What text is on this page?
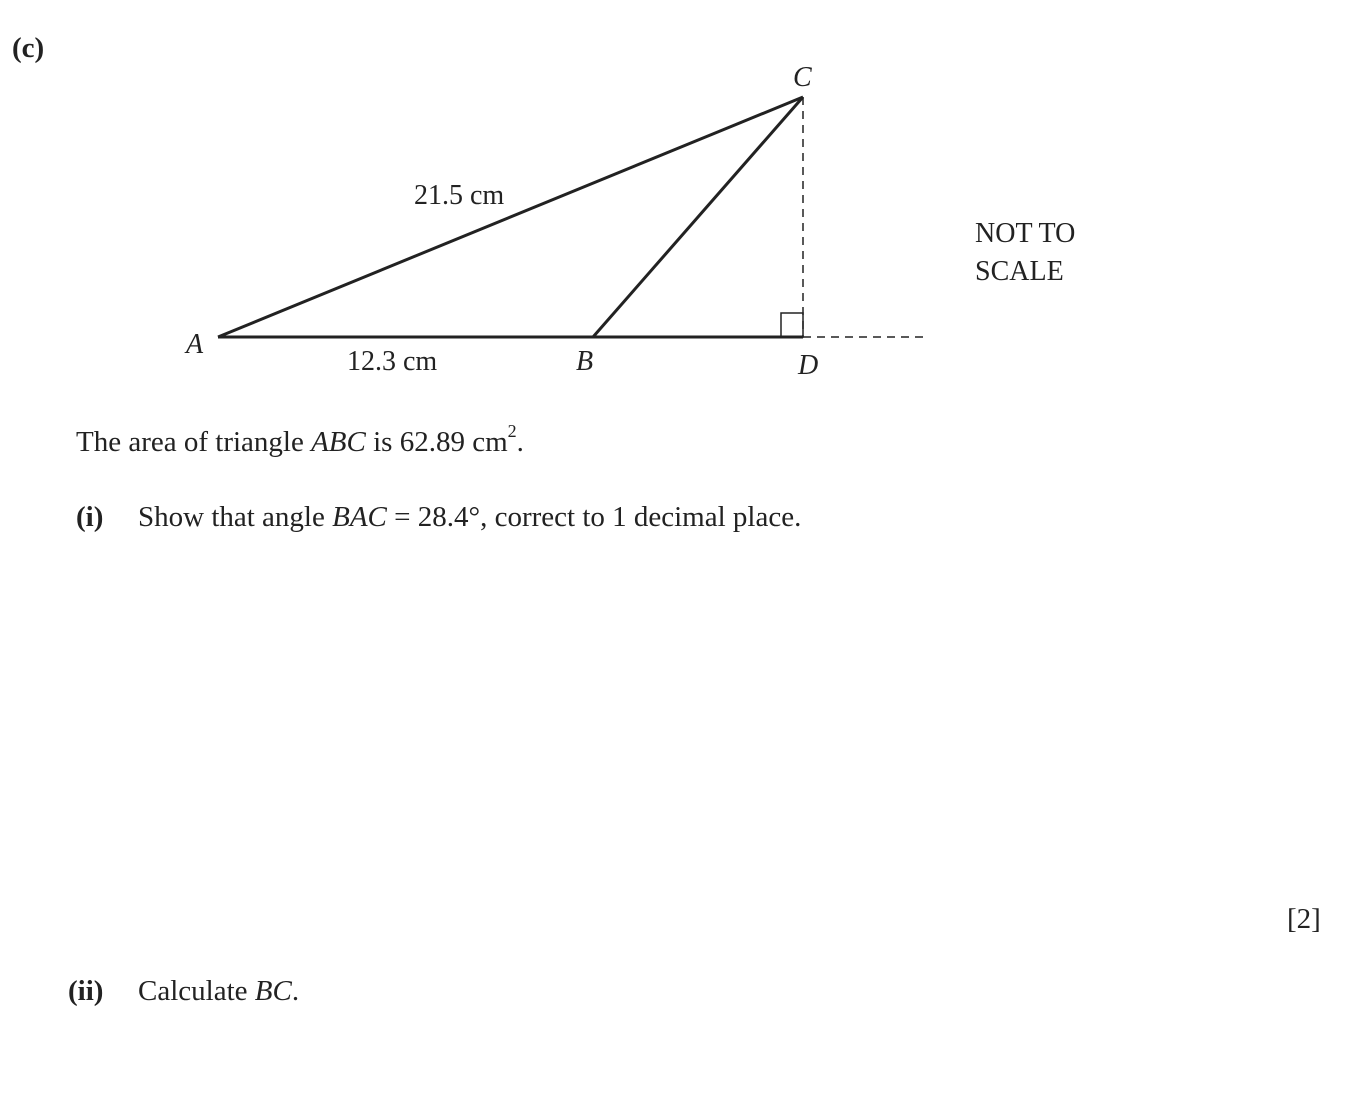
(c)
C
A
B	D
21.5 cm
12.3 cm
NOT TO
SCALE
The area of triangle ABC is 62.89 $cm^2$.
(i) Show that angle BAC = 28.4°, correct to 1 decimal place.
[2]
(ii) Calculate BC.
